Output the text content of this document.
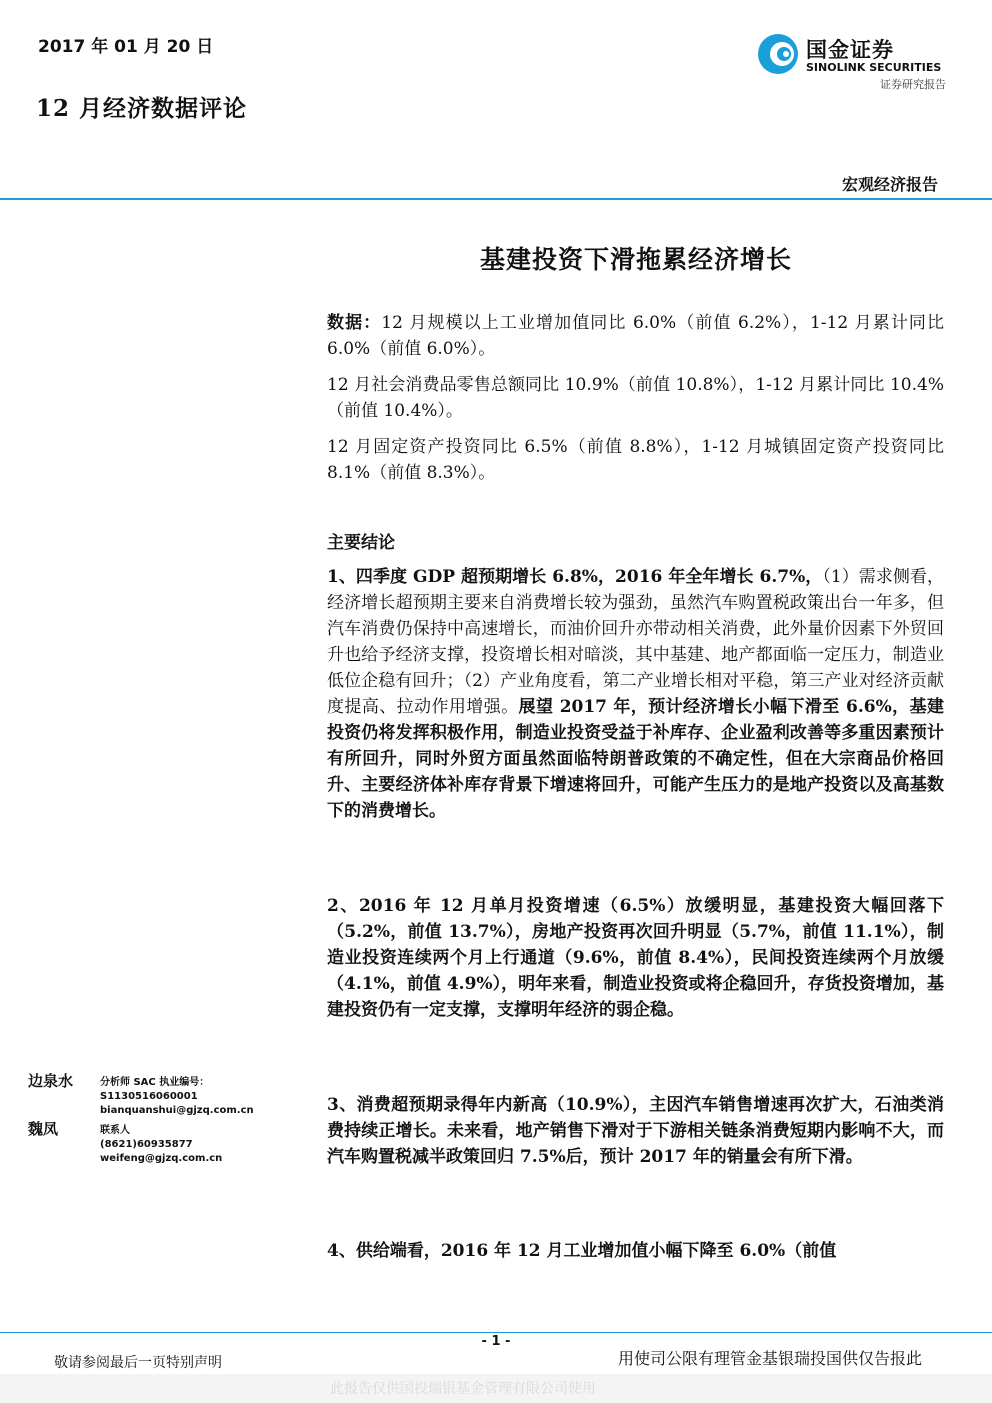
2017 年 01 月 20 日
12 月经济数据评论
国金证券
SINOLINK SECURITIES
证券研究报告
宏观经济报告
基建投资下滑拖累经济增长
数据：12 月规模以上工业增加值同比 6.0%（前值 6.2%），1-12 月累计同比 6.0%（前值 6.0%）。
12 月社会消费品零售总额同比 10.9%（前值 10.8%），1-12 月累计同比 10.4%（前值 10.4%）。
12 月固定资产投资同比 6.5%（前值 8.8%），1-12 月城镇固定资产投资同比 8.1%（前值 8.3%）。
主要结论
1、四季度 GDP 超预期增长 6.8%，2016 年全年增长 6.7%，（1）需求侧看，经济增长超预期主要来自消费增长较为强劲，虽然汽车购置税政策出台一年多，但汽车消费仍保持中高速增长，而油价回升亦带动相关消费，此外量价因素下外贸回升也给予经济支撑，投资增长相对暗淡，其中基建、地产都面临一定压力，制造业低位企稳有回升；（2）产业角度看，第二产业增长相对平稳，第三产业对经济贡献度提高、拉动作用增强。展望 2017 年，预计经济增长小幅下滑至 6.6%，基建投资仍将发挥积极作用，制造业投资受益于补库存、企业盈利改善等多重因素预计有所回升，同时外贸方面虽然面临特朗普政策的不确定性，但在大宗商品价格回升、主要经济体补库存背景下增速将回升，可能产生压力的是地产投资以及高基数下的消费增长。
2、2016 年 12 月单月投资增速（6.5%）放缓明显，基建投资大幅回落下（5.2%，前值 13.7%），房地产投资再次回升明显（5.7%，前值 11.1%），制造业投资连续两个月上行通道（9.6%，前值 8.4%），民间投资连续两个月放缓（4.1%，前值 4.9%），明年来看，制造业投资或将企稳回升，存货投资增加，基建投资仍有一定支撑，支撑明年经济的弱企稳。
3、消费超预期录得年内新高（10.9%），主因汽车销售增速再次扩大，石油类消费持续正增长。未来看，地产销售下滑对于下游相关链条消费短期内影响不大，而汽车购置税减半政策回归 7.5%后，预计 2017 年的销量会有所下滑。
4、供给端看，2016 年 12 月工业增加值小幅下降至 6.0%（前值
边泉水	分析师 SAC 执业编号：S1130516060001
bianquanshui@gjzq.com.cn
魏凤	联系人
(8621)60935877
weifeng@gjzq.com.cn
- 1 -
敬请参阅最后一页特别声明	用使司公限有理管金基银瑞投国供仅告报此
此报告仅供国投瑞银基金管理有限公司使用
